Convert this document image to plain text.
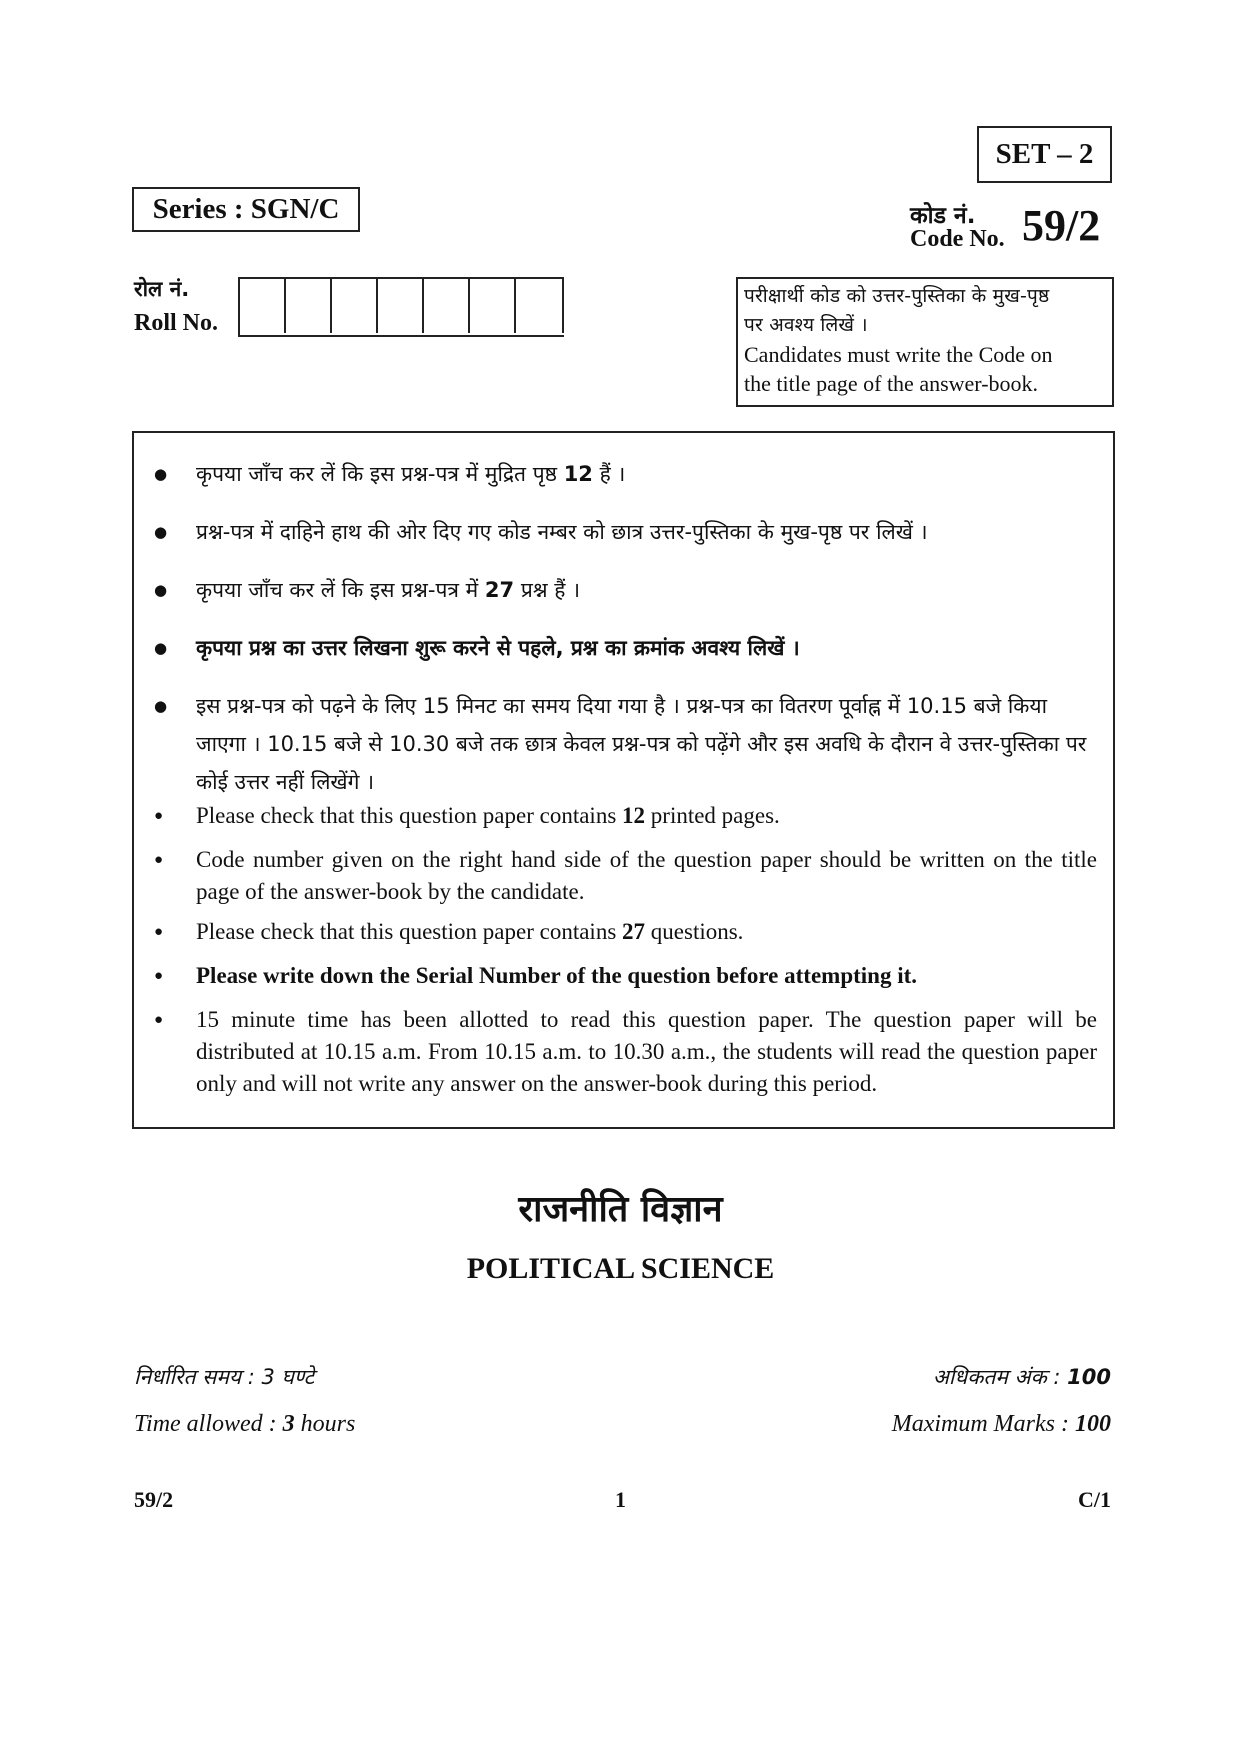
SET – 2
Series : SGN/C	कोड नं.
Code No. 59/2
रोल नं.
Roll No.
परीक्षार्थी कोड को उत्तर-पुस्तिका के मुख-पृष्ठ
पर अवश्य लिखें ।
Candidates must write the Code on
the title page of the answer-book.
● कृपया जाँच कर लें कि इस प्रश्न-पत्र में मुद्रित पृष्ठ 12 हैं ।
● प्रश्न-पत्र में दाहिने हाथ की ओर दिए गए कोड नम्बर को छात्र उत्तर-पुस्तिका के मुख-पृष्ठ पर लिखें ।
● कृपया जाँच कर लें कि इस प्रश्न-पत्र में 27 प्रश्न हैं ।
● कृपया प्रश्न का उत्तर लिखना शुरू करने से पहले, प्रश्न का क्रमांक अवश्य लिखें ।
● इस प्रश्न-पत्र को पढ़ने के लिए 15 मिनट का समय दिया गया है । प्रश्न-पत्र का वितरण पूर्वाह्न में 10.15 बजे किया जाएगा । 10.15 बजे से 10.30 बजे तक छात्र केवल प्रश्न-पत्र को पढ़ेंगे और इस अवधि के दौरान वे उत्तर-पुस्तिका पर कोई उत्तर नहीं लिखेंगे ।
● Please check that this question paper contains 12 printed pages.
● Code number given on the right hand side of the question paper should be written on the title page of the answer-book by the candidate.
● Please check that this question paper contains 27 questions.
● Please write down the Serial Number of the question before attempting it.
● 15 minute time has been allotted to read this question paper. The question paper will be distributed at 10.15 a.m. From 10.15 a.m. to 10.30 a.m., the students will read the question paper only and will not write any answer on the answer-book during this period.
राजनीति विज्ञान
POLITICAL SCIENCE
निर्धारित समय : 3 घण्टे
Time allowed : 3 hours
अधिकतम अंक : 100
Maximum Marks : 100
59/2	1	C/1
